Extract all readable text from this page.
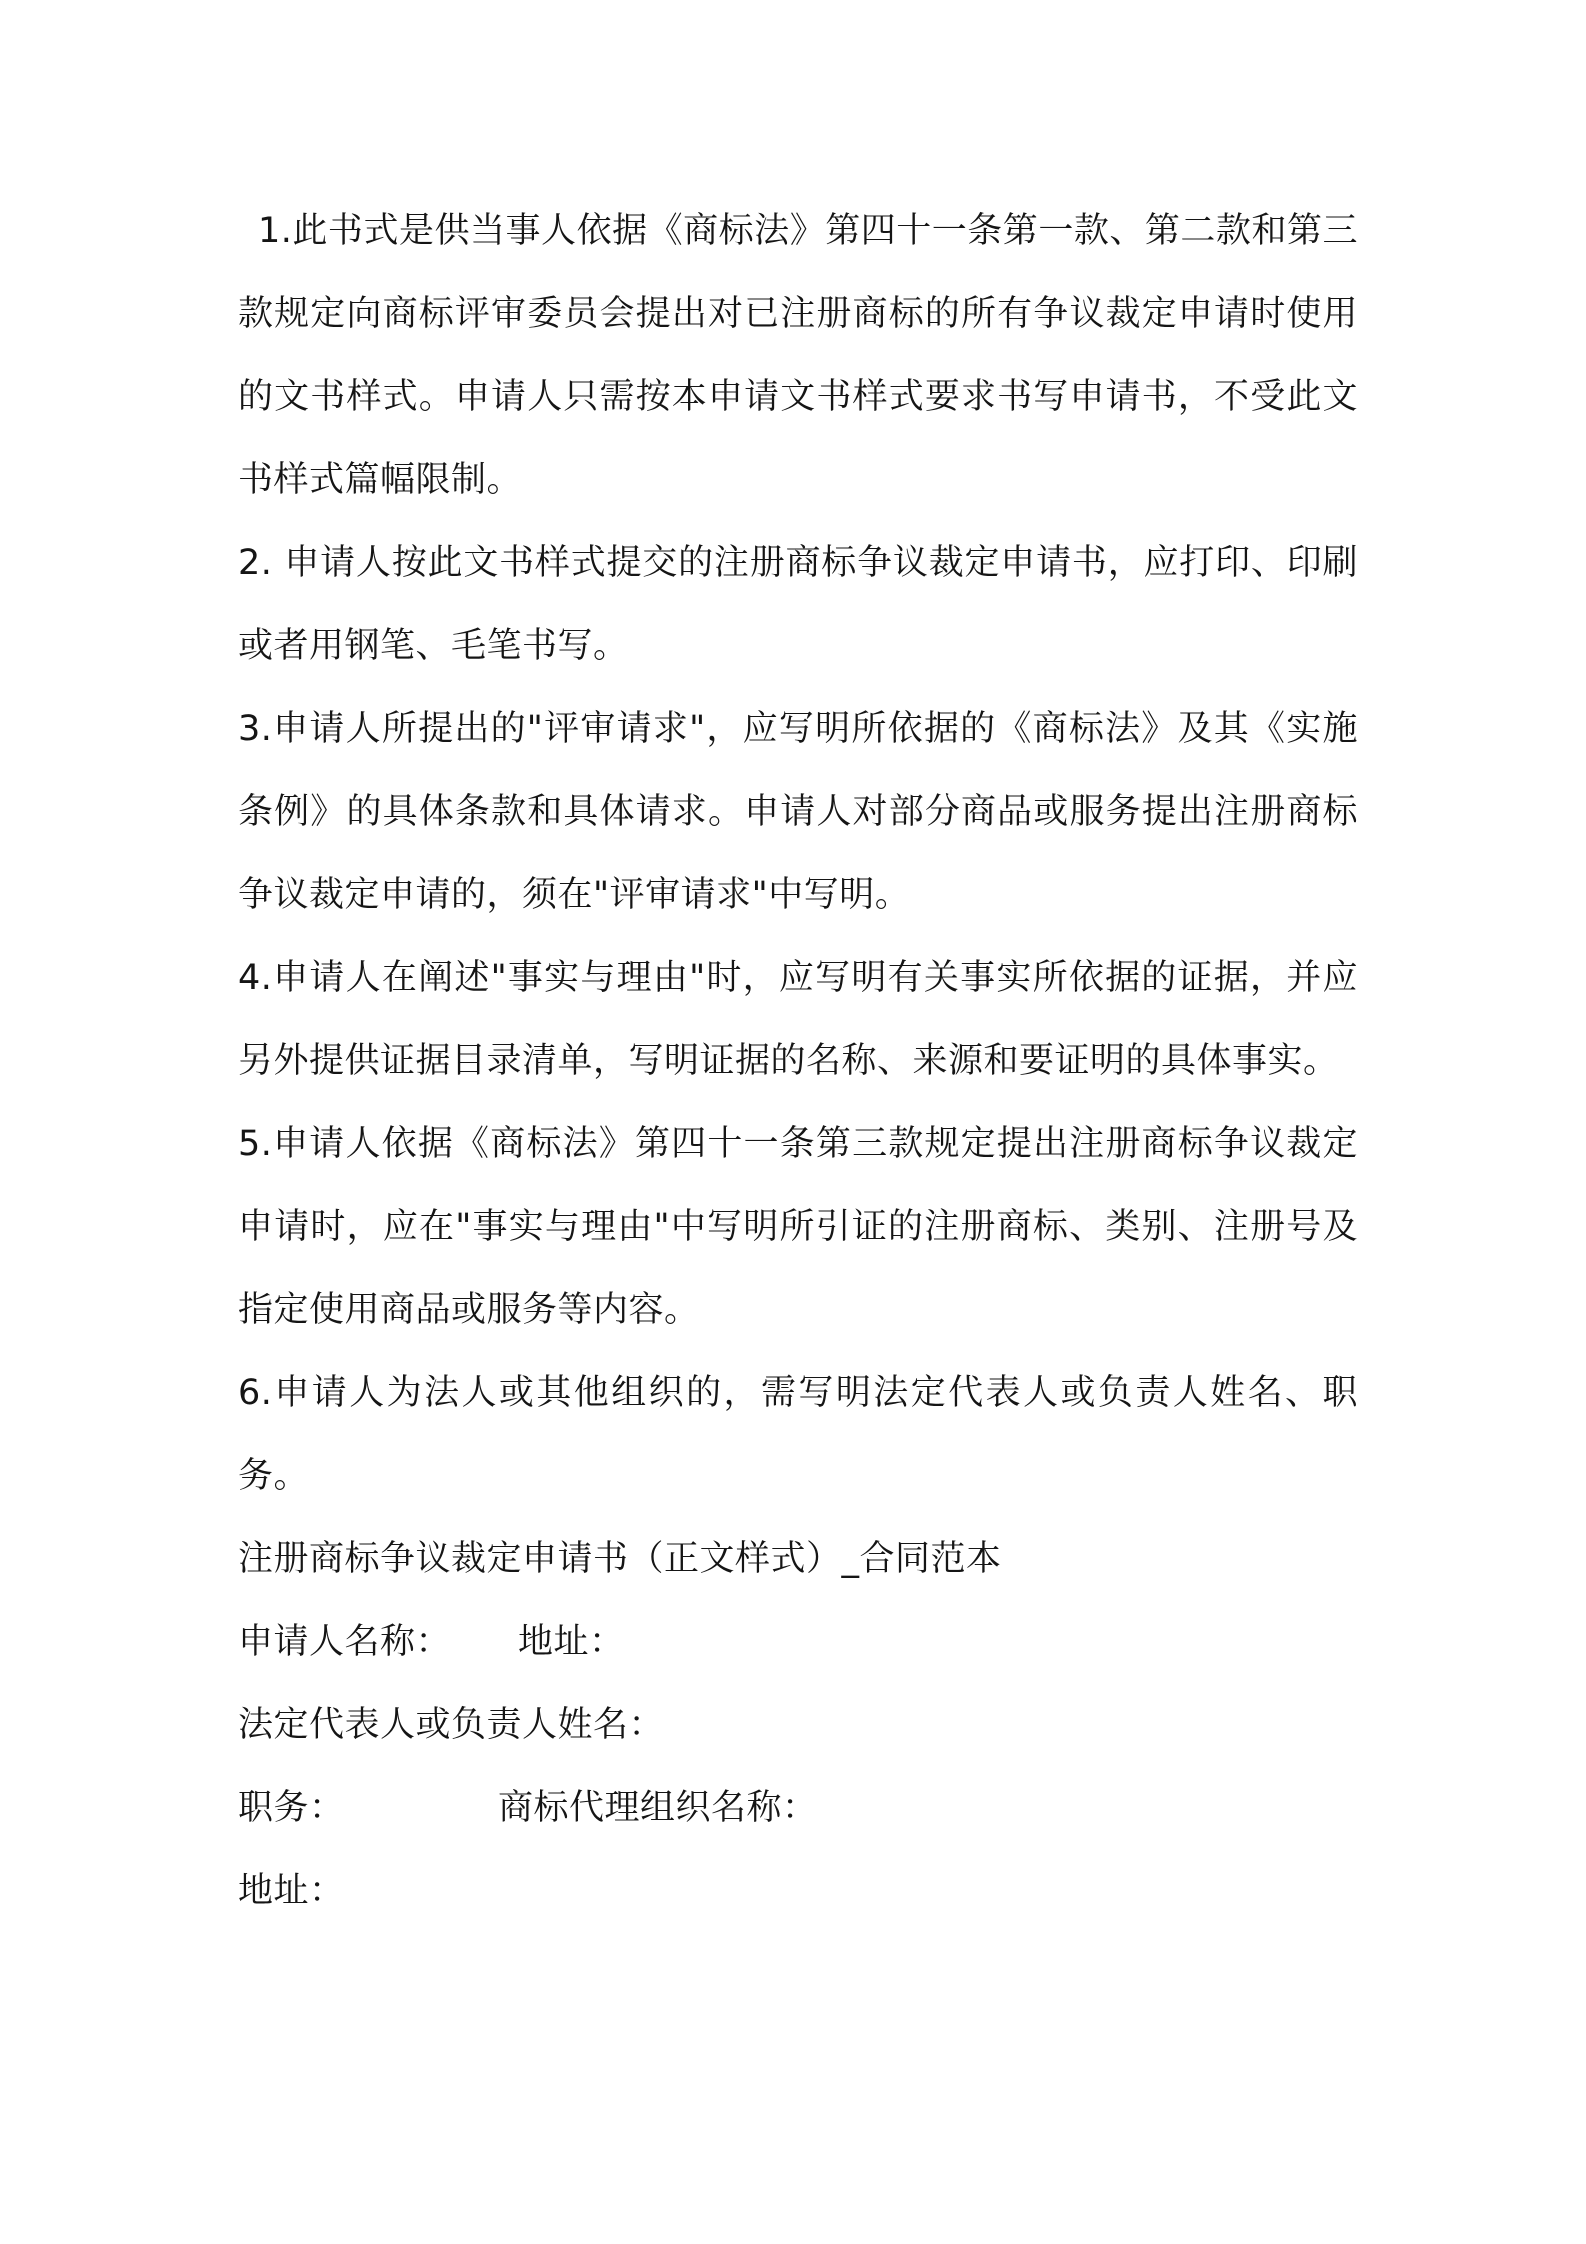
1.此书式是供当事人依据《商标法》第四十一条第一款、第二款和第三款规定向商标评审委员会提出对已注册商标的所有争议裁定申请时使用的文书样式。申请人只需按本申请文书样式要求书写申请书，不受此文书样式篇幅限制。

2. 申请人按此文书样式提交的注册商标争议裁定申请书，应打印、印刷或者用钢笔、毛笔书写。

3.申请人所提出的"评审请求"，应写明所依据的《商标法》及其《实施条例》的具体条款和具体请求。申请人对部分商品或服务提出注册商标争议裁定申请的，须在"评审请求"中写明。

4.申请人在阐述"事实与理由"时，应写明有关事实所依据的证据，并应另外提供证据目录清单，写明证据的名称、来源和要证明的具体事实。

5.申请人依据《商标法》第四十一条第三款规定提出注册商标争议裁定申请时，应在"事实与理由"中写明所引证的注册商标、类别、注册号及指定使用商品或服务等内容。

6.申请人为法人或其他组织的，需写明法定代表人或负责人姓名、职务。

注册商标争议裁定申请书（正文样式）_合同范本

申请人名称：	地址：

法定代表人或负责人姓名：

职务：	商标代理组织名称：

地址：
